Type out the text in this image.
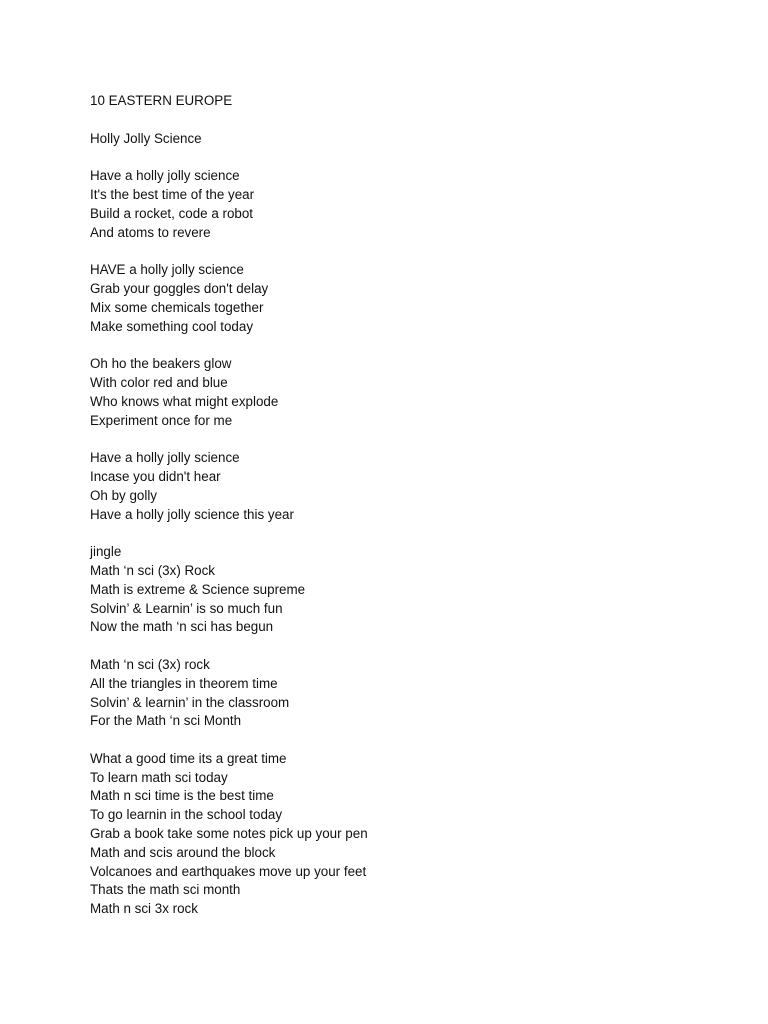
10 EASTERN EUROPE

Holly Jolly Science

Have a holly jolly science

It's the best time of the year

Build a rocket, code a robot

And atoms to revere

HAVE a holly jolly science

Grab your goggles don't delay

Mix some chemicals together

Make something cool today

Oh ho the beakers glow

With color red and blue

Who knows what might explode

Experiment once for me

Have a holly jolly science

Incase you didn't hear

Oh by golly

Have a holly jolly science this year

jingle

Math ‘n sci (3x) Rock

Math is extreme & Science supreme

Solvin’ & Learnin’ is so much fun

Now the math ‘n sci has begun

Math ‘n sci (3x) rock

All the triangles in theorem time

Solvin’ & learnin’ in the classroom

For the Math ‘n sci Month

What a good time its a great time

To learn math sci today

Math n sci time is the best time

To go learnin in the school today

Grab a book take some notes pick up your pen

Math and scis around the block

Volcanoes and earthquakes move up your feet

Thats the math sci month

Math n sci 3x rock
